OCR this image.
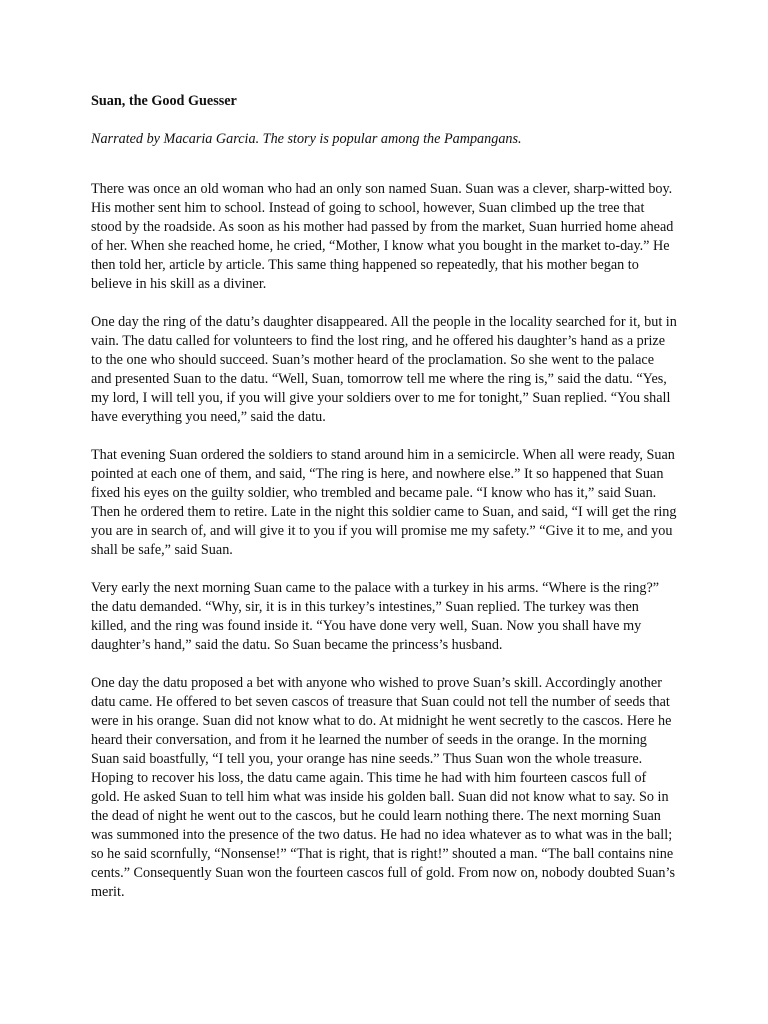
Suan, the Good Guesser
Narrated by Macaria Garcia. The story is popular among the Pampangans.
There was once an old woman who had an only son named Suan. Suan was a clever, sharp-witted boy. His mother sent him to school. Instead of going to school, however, Suan climbed up the tree that stood by the roadside. As soon as his mother had passed by from the market, Suan hurried home ahead of her. When she reached home, he cried, “Mother, I know what you bought in the market to-day.” He then told her, article by article. This same thing happened so repeatedly, that his mother began to believe in his skill as a diviner.
One day the ring of the datu’s daughter disappeared. All the people in the locality searched for it, but in vain. The datu called for volunteers to find the lost ring, and he offered his daughter’s hand as a prize to the one who should succeed. Suan’s mother heard of the proclamation. So she went to the palace and presented Suan to the datu. “Well, Suan, tomorrow tell me where the ring is,” said the datu. “Yes, my lord, I will tell you, if you will give your soldiers over to me for tonight,” Suan replied. “You shall have everything you need,” said the datu.
That evening Suan ordered the soldiers to stand around him in a semicircle. When all were ready, Suan pointed at each one of them, and said, “The ring is here, and nowhere else.” It so happened that Suan fixed his eyes on the guilty soldier, who trembled and became pale. “I know who has it,” said Suan. Then he ordered them to retire. Late in the night this soldier came to Suan, and said, “I will get the ring you are in search of, and will give it to you if you will promise me my safety.” “Give it to me, and you shall be safe,” said Suan.
Very early the next morning Suan came to the palace with a turkey in his arms. “Where is the ring?” the datu demanded. “Why, sir, it is in this turkey’s intestines,” Suan replied. The turkey was then killed, and the ring was found inside it. “You have done very well, Suan. Now you shall have my daughter’s hand,” said the datu. So Suan became the princess’s husband.
One day the datu proposed a bet with anyone who wished to prove Suan’s skill. Accordingly another datu came. He offered to bet seven cascos of treasure that Suan could not tell the number of seeds that were in his orange. Suan did not know what to do. At midnight he went secretly to the cascos. Here he heard their conversation, and from it he learned the number of seeds in the orange. In the morning Suan said boastfully, “I tell you, your orange has nine seeds.” Thus Suan won the whole treasure. Hoping to recover his loss, the datu came again. This time he had with him fourteen cascos full of gold. He asked Suan to tell him what was inside his golden ball. Suan did not know what to say. So in the dead of night he went out to the cascos, but he could learn nothing there. The next morning Suan was summoned into the presence of the two datus. He had no idea whatever as to what was in the ball; so he said scornfully, “Nonsense!” “That is right, that is right!” shouted a man. “The ball contains nine cents.” Consequently Suan won the fourteen cascos full of gold. From now on, nobody doubted Suan’s merit.
